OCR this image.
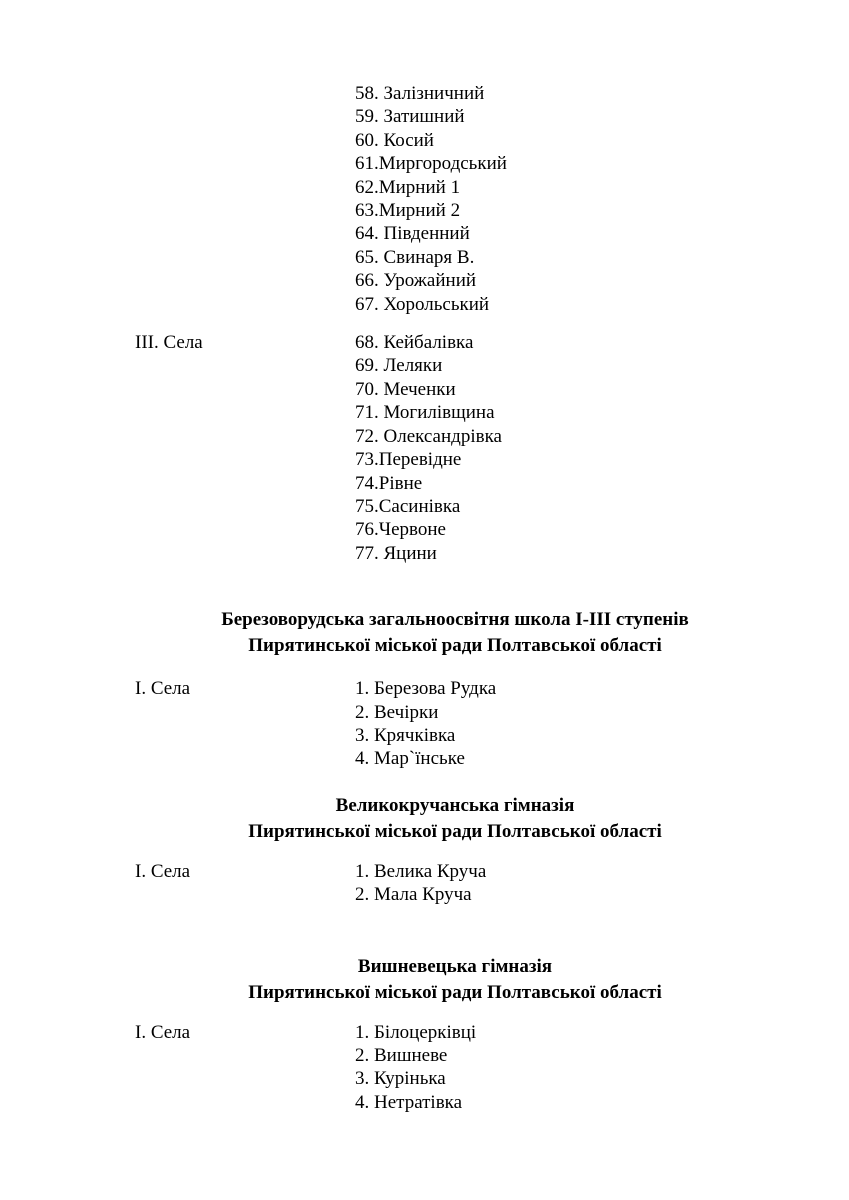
58. Залізничний
59. Затишний
60. Косий
61.Миргородський
62.Мирний 1
63.Мирний 2
64. Південний
65. Свинаря В.
66. Урожайний
67. Хорольський
ІІІ. Села	68. Кейбалівка
69. Леляки
70. Меченки
71. Могилівщина
72. Олександрівка
73.Перевідне
74.Рівне
75.Сасинівка
76.Червоне
77. Яцини
Березоворудська загальноосвітня школа І-ІІІ ступенів
Пирятинської міської ради Полтавської області
І. Села	1. Березова Рудка
2. Вечірки
3. Крячківка
4. Мар`їнське
Великокручанська гімназія
Пирятинської міської ради Полтавської області
І. Села	1. Велика Круча
2. Мала Круча
Вишневецька гімназія
Пирятинської міської ради Полтавської області
І. Села	1. Білоцерківці
2. Вишневе
3. Курінька
4. Нетратівка
